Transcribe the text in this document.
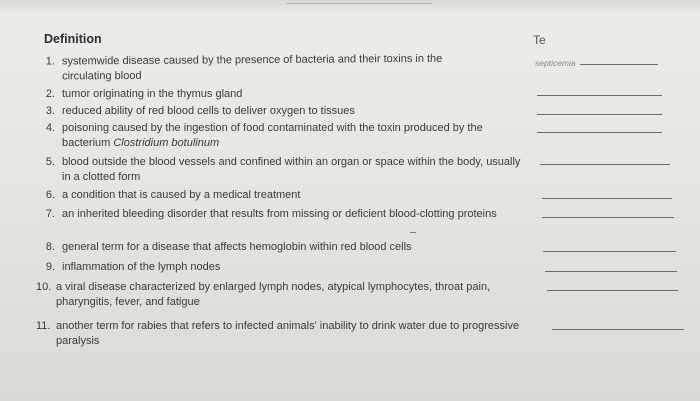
Definition	Te
septicemia
1. systemwide disease caused by the presence of bacteria and their toxins in the circulating blood
2. tumor originating in the thymus gland
3. reduced ability of red blood cells to deliver oxygen to tissues
4. poisoning caused by the ingestion of food contaminated with the toxin produced by the bacterium Clostridium botulinum
5. blood outside the blood vessels and confined within an organ or space within the body, usually in a clotted form
6. a condition that is caused by a medical treatment
7. an inherited bleeding disorder that results from missing or deficient blood-clotting proteins
8. general term for a disease that affects hemoglobin within red blood cells
9. inflammation of the lymph nodes
10. a viral disease characterized by enlarged lymph nodes, atypical lymphocytes, throat pain, pharyngitis, fever, and fatigue
11. another term for rabies that refers to infected animals' inability to drink water due to progressive paralysis
